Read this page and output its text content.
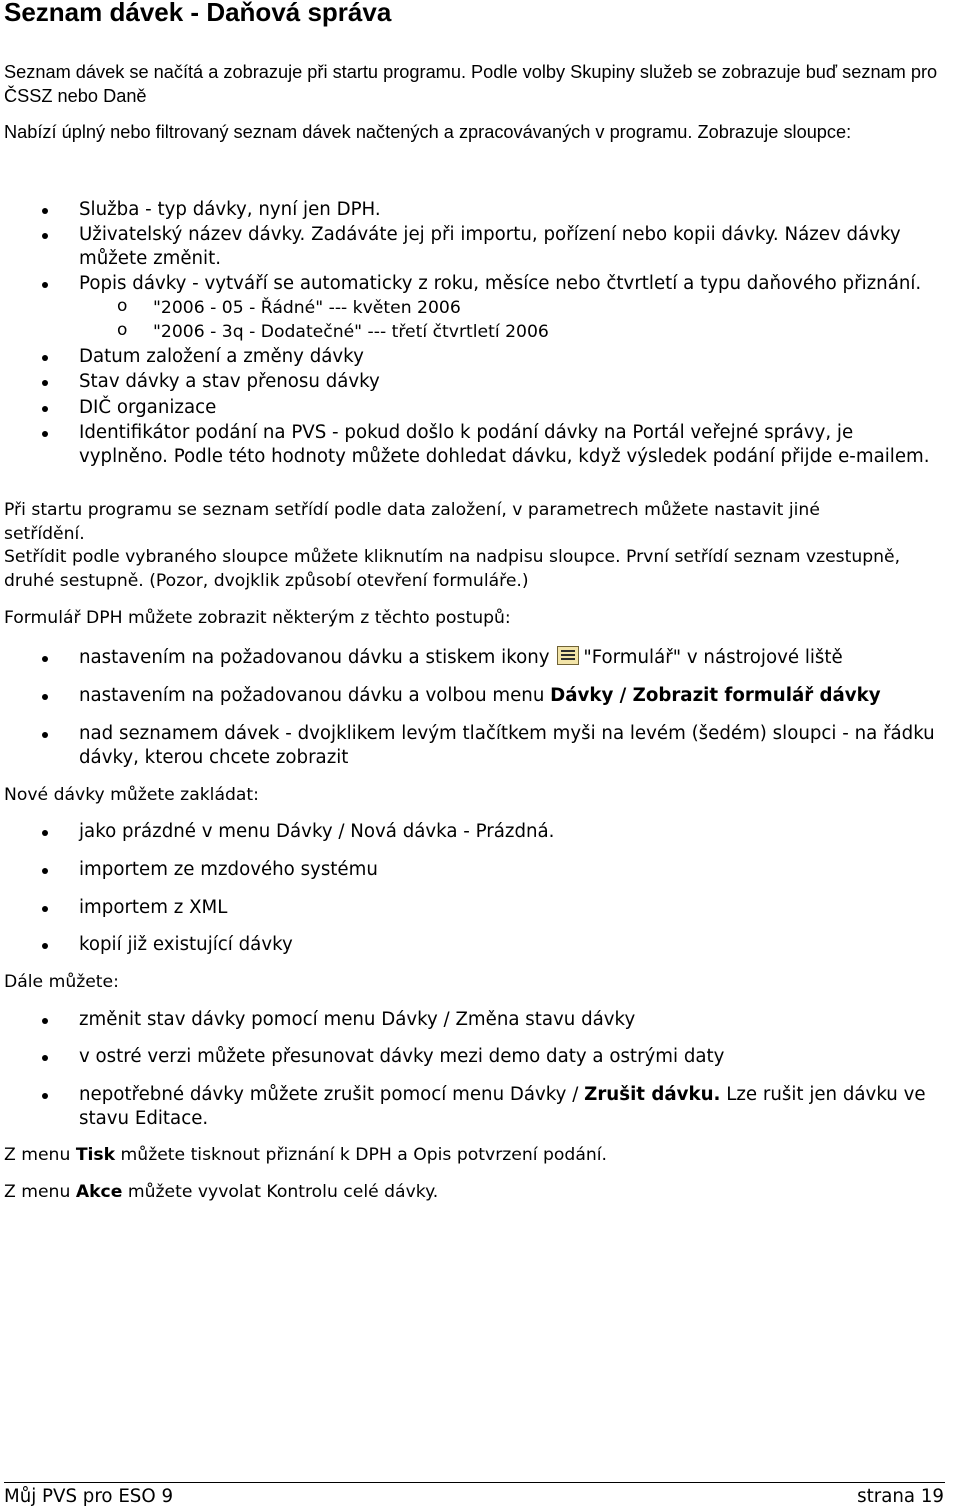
Seznam dávek - Daňová správa

Seznam dávek se načítá a zobrazuje při startu programu. Podle volby Skupiny služeb se zobrazuje buď seznam pro ČSSZ nebo Daně

Nabízí úplný nebo filtrovaný seznam dávek načtených a zpracovávaných v programu. Zobrazuje sloupce:

Služba - typ dávky, nyní jen DPH.
Uživatelský název dávky. Zadáváte jej při importu, pořízení nebo kopii dávky. Název dávky můžete změnit.
Popis dávky - vytváří se automaticky z roku, měsíce nebo čtvrtletí a typu daňového přiznání.
o "2006 - 05 - Řádné" --- květen 2006
o "2006 - 3q - Dodatečné" --- třetí čtvrtletí 2006
Datum založení a změny dávky
Stav dávky a stav přenosu dávky
DIČ organizace
Identifikátor podání na PVS - pokud došlo k podání dávky na Portál veřejné správy, je vyplněno. Podle této hodnoty můžete dohledat dávku, když výsledek podání přijde e-mailem.

Při startu programu se seznam setřídí podle data založení, v parametrech můžete nastavit jiné setřídění.

Setřídit podle vybraného sloupce můžete kliknutím na nadpisu sloupce. První setřídí seznam vzestupně, druhé sestupně. (Pozor, dvojklik způsobí otevření formuláře.)

Formulář DPH můžete zobrazit některým z těchto postupů:

nastavením na požadovanou dávku a stiskem ikony "Formulář" v nástrojové liště
nastavením na požadovanou dávku a volbou menu Dávky / Zobrazit formulář dávky
nad seznamem dávek - dvojklikem levým tlačítkem myši na levém (šedém) sloupci - na řádku dávky, kterou chcete zobrazit

Nové dávky můžete zakládat:

jako prázdné v menu Dávky / Nová dávka - Prázdná.
importem ze mzdového systému
importem z XML
kopií již existující dávky

Dále můžete:

změnit stav dávky pomocí menu Dávky / Změna stavu dávky
v ostré verzi můžete přesunovat dávky mezi demo daty a ostrými daty
nepotřebné dávky můžete zrušit pomocí menu Dávky / Zrušit dávku. Lze rušit jen dávku ve stavu Editace.

Z menu Tisk můžete tisknout přiznání k DPH a Opis potvrzení podání.

Z menu Akce můžete vyvolat Kontrolu celé dávky.

Můj PVS pro ESO 9	strana 19
